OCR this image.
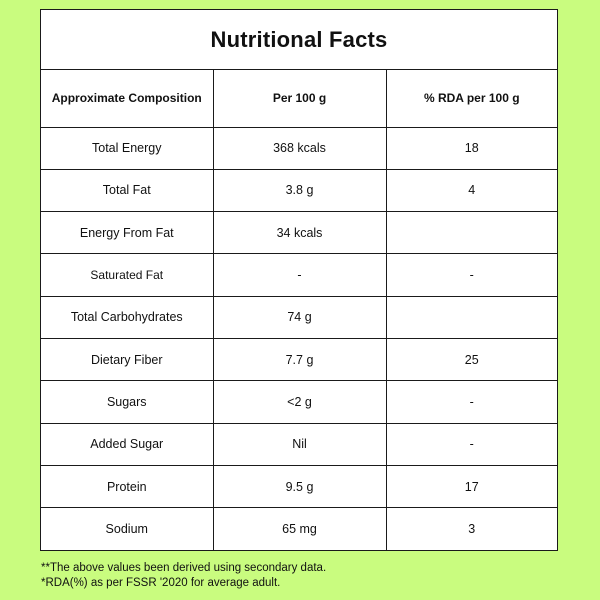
Nutritional Facts
Approximate Composition	Per 100 g	% RDA per 100 g
Total Energy	368 kcals	18
Total Fat	3.8 g	4
Energy From Fat	34 kcals	
Saturated Fat	-	-
Total Carbohydrates	74 g	
Dietary Fiber	7.7 g	25
Sugars	<2 g	-
Added Sugar	Nil	-
Protein	9.5 g	17
Sodium	65 mg	3
**The above values been derived using secondary data.
*RDA(%) as per FSSR '2020 for average adult.
